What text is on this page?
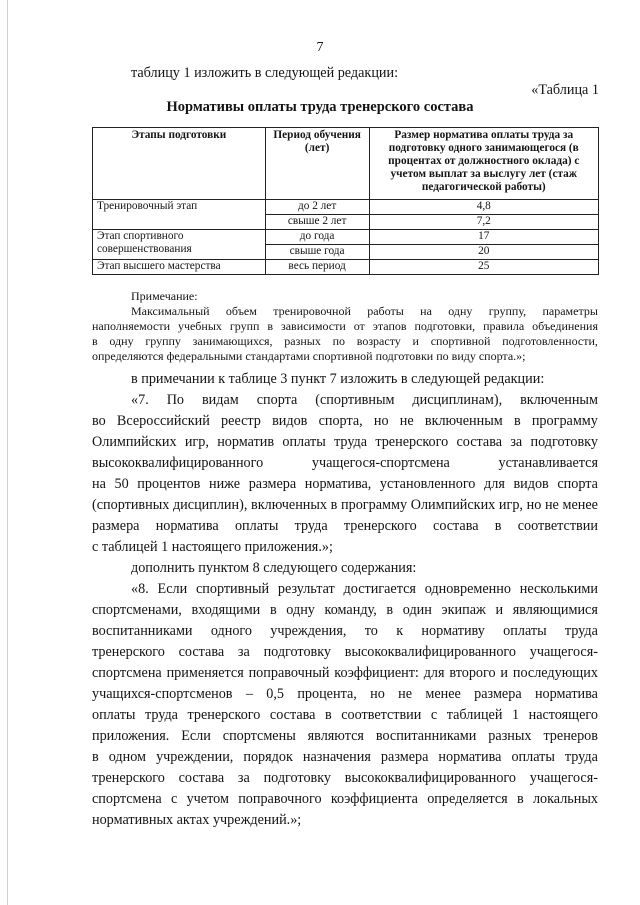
7
таблицу 1 изложить в следующей редакции:
«Таблица 1
Нормативы оплаты труда тренерского состава
Этапы подготовки	Период обучения (лет)	Размер норматива оплаты труда за подготовку одного занимающегося (в процентах от должностного оклада) с учетом выплат за выслугу лет (стаж педагогической работы)
Тренировочный этап	до 2 лет	4,8
	свыше 2 лет	7,2
Этап спортивного совершенствования	до года	17
	свыше года	20
Этап высшего мастерства	весь период	25
Примечание:
Максимальный объем тренировочной работы на одну группу, параметры
наполняемости учебных групп в зависимости от этапов подготовки, правила объединения
в одну группу занимающихся, разных по возрасту и спортивной подготовленности,
определяются федеральными стандартами спортивной подготовки по виду спорта.»;
в примечании к таблице 3 пункт 7 изложить в следующей редакции:
«7. По видам спорта (спортивным дисциплинам), включенным
во Всероссийский реестр видов спорта, но не включенным в программу
Олимпийских игр, норматив оплаты труда тренерского состава за подготовку
высококвалифицированного	учащегося-спортсмена	устанавливается
на 50 процентов ниже размера норматива, установленного для видов спорта
(спортивных дисциплин), включенных в программу Олимпийских игр, но не менее
размера норматива оплаты труда тренерского состава в соответствии
с таблицей 1 настоящего приложения.»;
дополнить пунктом 8 следующего содержания:
«8. Если спортивный результат достигается одновременно несколькими
спортсменами, входящими в одну команду, в один экипаж и являющимися
воспитанниками одного учреждения, то к нормативу оплаты труда
тренерского состава за подготовку высококвалифицированного учащегося-
спортсмена применяется поправочный коэффициент: для второго и последующих
учащихся-спортсменов – 0,5 процента, но не менее размера норматива
оплаты труда тренерского состава в соответствии с таблицей 1 настоящего
приложения. Если спортсмены являются воспитанниками разных тренеров
в одном учреждении, порядок назначения размера норматива оплаты труда
тренерского состава за подготовку высококвалифицированного учащегося-
спортсмена с учетом поправочного коэффициента определяется в локальных
нормативных актах учреждений.»;
